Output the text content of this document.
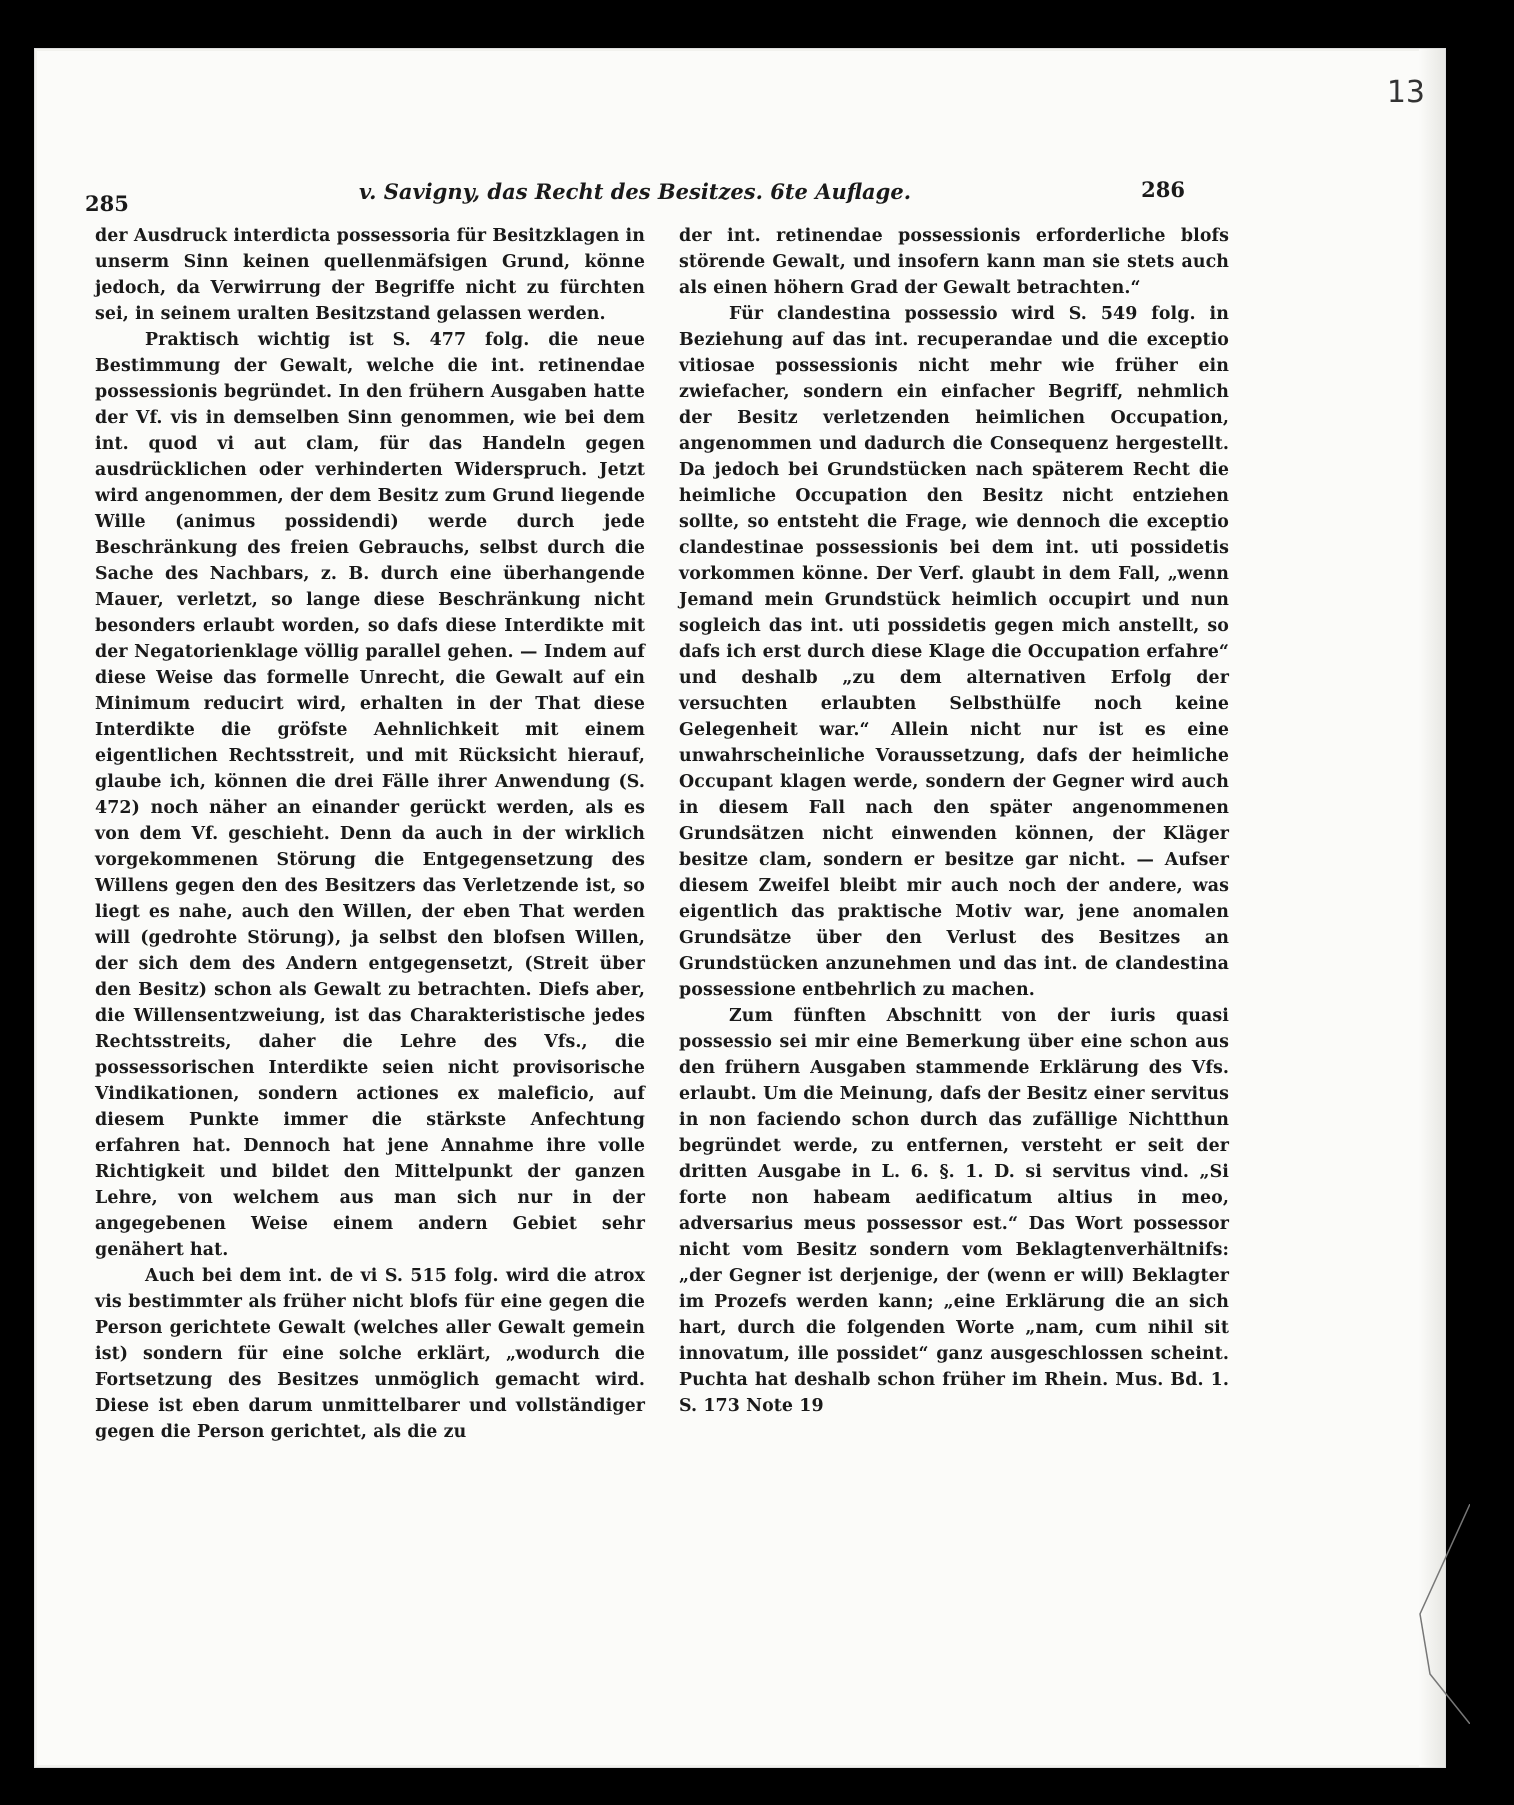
13
285	v. Savigny, das Recht des Besitzes. 6te Auflage.	286

der Ausdruck interdicta possessoria für Besitzklagen in unserm Sinn keinen quellenmäfsigen Grund, könne jedoch, da Verwirrung der Begriffe nicht zu fürchten sei, in seinem uralten Besitzstand gelassen werden.

Praktisch wichtig ist S. 477 folg. die neue Bestimmung der Gewalt, welche die int. retinendae possessionis begründet. In den frühern Ausgaben hatte der Vf. vis in demselben Sinn genommen, wie bei dem int. quod vi aut clam, für das Handeln gegen ausdrücklichen oder verhinderten Widerspruch. Jetzt wird angenommen, der dem Besitz zum Grund liegende Wille (animus possidendi) werde durch jede Beschränkung des freien Gebrauchs, selbst durch die Sache des Nachbars, z. B. durch eine überhangende Mauer, verletzt, so lange diese Beschränkung nicht besonders erlaubt worden, so dafs diese Interdikte mit der Negatorienklage völlig parallel gehen. — Indem auf diese Weise das formelle Unrecht, die Gewalt auf ein Minimum reducirt wird, erhalten in der That diese Interdikte die gröfste Aehnlichkeit mit einem eigentlichen Rechtsstreit, und mit Rücksicht hierauf, glaube ich, können die drei Fälle ihrer Anwendung (S. 472) noch näher an einander gerückt werden, als es von dem Vf. geschieht. Denn da auch in der wirklich vorgekommenen Störung die Entgegensetzung des Willens gegen den des Besitzers das Verletzende ist, so liegt es nahe, auch den Willen, der eben That werden will (gedrohte Störung), ja selbst den blofsen Willen, der sich dem des Andern entgegensetzt, (Streit über den Besitz) schon als Gewalt zu betrachten. Diefs aber, die Willensentzweiung, ist das Charakteristische jedes Rechtsstreits, daher die Lehre des Vfs., die possessorischen Interdikte seien nicht provisorische Vindikationen, sondern actiones ex maleficio, auf diesem Punkte immer die stärkste Anfechtung erfahren hat. Dennoch hat jene Annahme ihre volle Richtigkeit und bildet den Mittelpunkt der ganzen Lehre, von welchem aus man sich nur in der angegebenen Weise einem andern Gebiet sehr genähert hat.

Auch bei dem int. de vi S. 515 folg. wird die atrox vis bestimmter als früher nicht blofs für eine gegen die Person gerichtete Gewalt (welches aller Gewalt gemein ist) sondern für eine solche erklärt, „wodurch die Fortsetzung des Besitzes unmöglich gemacht wird. Diese ist eben darum unmittelbarer und vollständiger gegen die Person gerichtet, als die zu

der int. retinendae possessionis erforderliche blofs störende Gewalt, und insofern kann man sie stets auch als einen höhern Grad der Gewalt betrachten.“

Für clandestina possessio wird S. 549 folg. in Beziehung auf das int. recuperandae und die exceptio vitiosae possessionis nicht mehr wie früher ein zwiefacher, sondern ein einfacher Begriff, nehmlich der Besitz verletzenden heimlichen Occupation, angenommen und dadurch die Consequenz hergestellt. Da jedoch bei Grundstücken nach späterem Recht die heimliche Occupation den Besitz nicht entziehen sollte, so entsteht die Frage, wie dennoch die exceptio clandestinae possessionis bei dem int. uti possidetis vorkommen könne. Der Verf. glaubt in dem Fall, „wenn Jemand mein Grundstück heimlich occupirt und nun sogleich das int. uti possidetis gegen mich anstellt, so dafs ich erst durch diese Klage die Occupation erfahre“ und deshalb „zu dem alternativen Erfolg der versuchten erlaubten Selbsthülfe noch keine Gelegenheit war.“ Allein nicht nur ist es eine unwahrscheinliche Voraussetzung, dafs der heimliche Occupant klagen werde, sondern der Gegner wird auch in diesem Fall nach den später angenommenen Grundsätzen nicht einwenden können, der Kläger besitze clam, sondern er besitze gar nicht. — Aufser diesem Zweifel bleibt mir auch noch der andere, was eigentlich das praktische Motiv war, jene anomalen Grundsätze über den Verlust des Besitzes an Grundstücken anzunehmen und das int. de clandestina possessione entbehrlich zu machen.

Zum fünften Abschnitt von der iuris quasi possessio sei mir eine Bemerkung über eine schon aus den frühern Ausgaben stammende Erklärung des Vfs. erlaubt. Um die Meinung, dafs der Besitz einer servitus in non faciendo schon durch das zufällige Nichtthun begründet werde, zu entfernen, versteht er seit der dritten Ausgabe in L. 6. §. 1. D. si servitus vind. „Si forte non habeam aedificatum altius in meo, adversarius meus possessor est.“ Das Wort possessor nicht vom Besitz sondern vom Beklagtenverhältnifs: „der Gegner ist derjenige, der (wenn er will) Beklagter im Prozefs werden kann; „eine Erklärung die an sich hart, durch die folgenden Worte „nam, cum nihil sit innovatum, ille possidet“ ganz ausgeschlossen scheint. Puchta hat deshalb schon früher im Rhein. Mus. Bd. 1. S. 173 Note 19
